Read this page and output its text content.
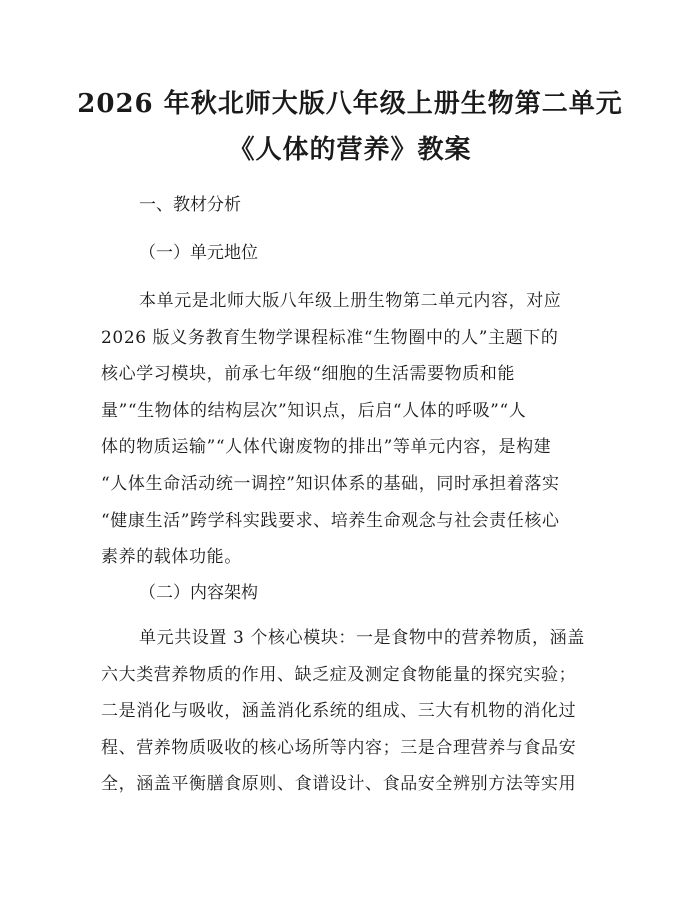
2026 年秋北师大版八年级上册生物第二单元
《人体的营养》教案
一、教材分析
（一）单元地位
本单元是北师大版八年级上册生物第二单元内容，对应
2026 版义务教育生物学课程标准“生物圈中的人”主题下的
核心学习模块，前承七年级“细胞的生活需要物质和能
量”“生物体的结构层次”知识点，后启“人体的呼吸”“人
体的物质运输”“人体代谢废物的排出”等单元内容，是构建
“人体生命活动统一调控”知识体系的基础，同时承担着落实
“健康生活”跨学科实践要求、培养生命观念与社会责任核心
素养的载体功能。
（二）内容架构
单元共设置 3 个核心模块：一是食物中的营养物质，涵盖
六大类营养物质的作用、缺乏症及测定食物能量的探究实验；
二是消化与吸收，涵盖消化系统的组成、三大有机物的消化过
程、营养物质吸收的核心场所等内容；三是合理营养与食品安
全，涵盖平衡膳食原则、食谱设计、食品安全辨别方法等实用
